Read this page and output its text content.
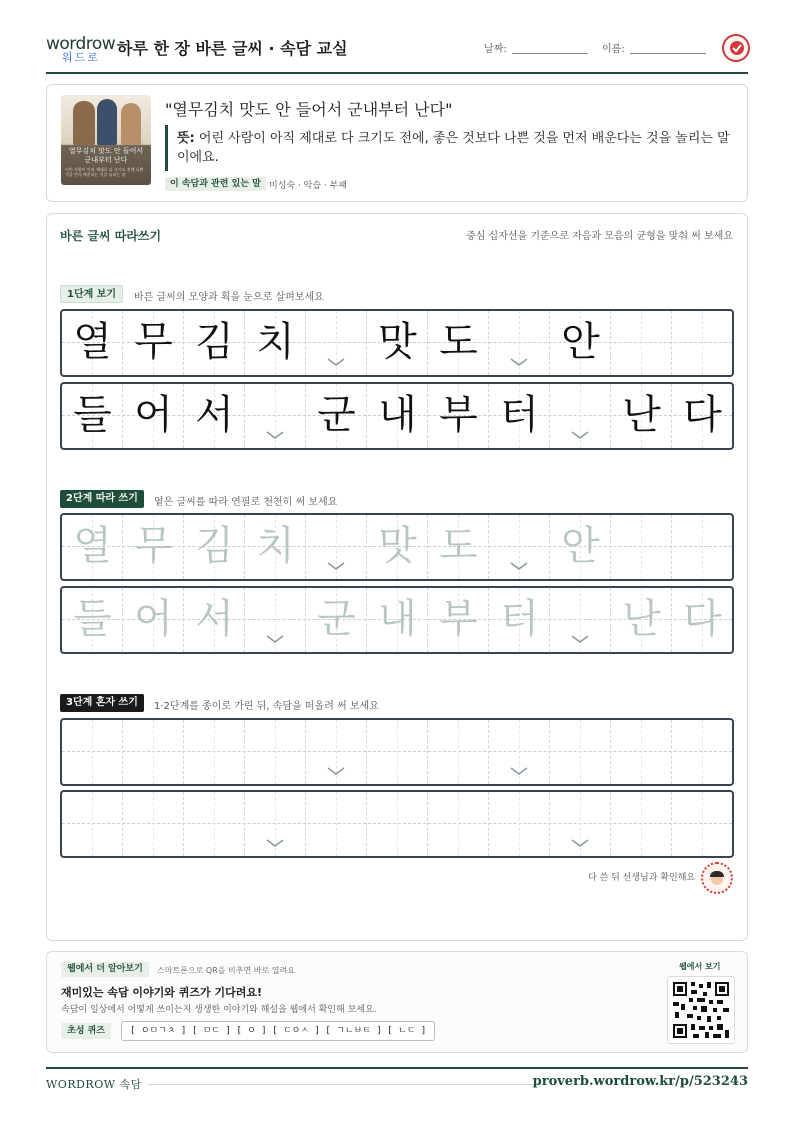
wordrow
워드로 하루 한 장 바른 글씨 · 속담 교실	날짜:	이름:
열무김치 맛도 안 들어서 군내부터 난다
어린 사람이 아직 제대로 다 크기도 전에 나쁜 것을 먼저 배운다는 것을 놀리는 말
"열무김치 맛도 안 들어서 군내부터 난다"
뜻: 어린 사람이 아직 제대로 다 크기도 전에, 좋은 것보다 나쁜 것을 먼저 배운다는 것을 놀리는 말이에요.
이 속담과 관련 있는 말 미성숙 · 악습 · 부패
바른 글씨 따라쓰기	중심 십자선을 기준으로 자음과 모음의 균형을 맞춰 써 보세요
1단계 보기	바른 글씨의 모양과 획을 눈으로 살펴보세요
2단계 따라 쓰기	옅은 글씨를 따라 연필로 천천히 써 보세요
3단계 혼자 쓰기	1·2단계를 종이로 가린 뒤, 속담을 떠올려 써 보세요
열 무 김 치 맛 도 안
들 어 서 군 내 부 터 난 다
열 무 김 치 맛 도 안
들 어 서 군 내 부 터 난 다
다 쓴 뒤 선생님과 확인해요
웹에서 더 알아보기	스마트폰으로 QR을 비추면 바로 열려요
재미있는 속담 이야기와 퀴즈가 기다려요!
속담이 일상에서 어떻게 쓰이는지 생생한 이야기와 해설을 웹에서 확인해 보세요.
초성 퀴즈	[ ㅇㅁㄱㅊ ] [ ㅁㄷ ] [ ㅇ ] [ ㄷㅇㅅ ] [ ㄱㄴㅂㅌ ] [ ㄴㄷ ]
웹에서 보기
WORDROW 속담	proverb.wordrow.kr/p/523243
